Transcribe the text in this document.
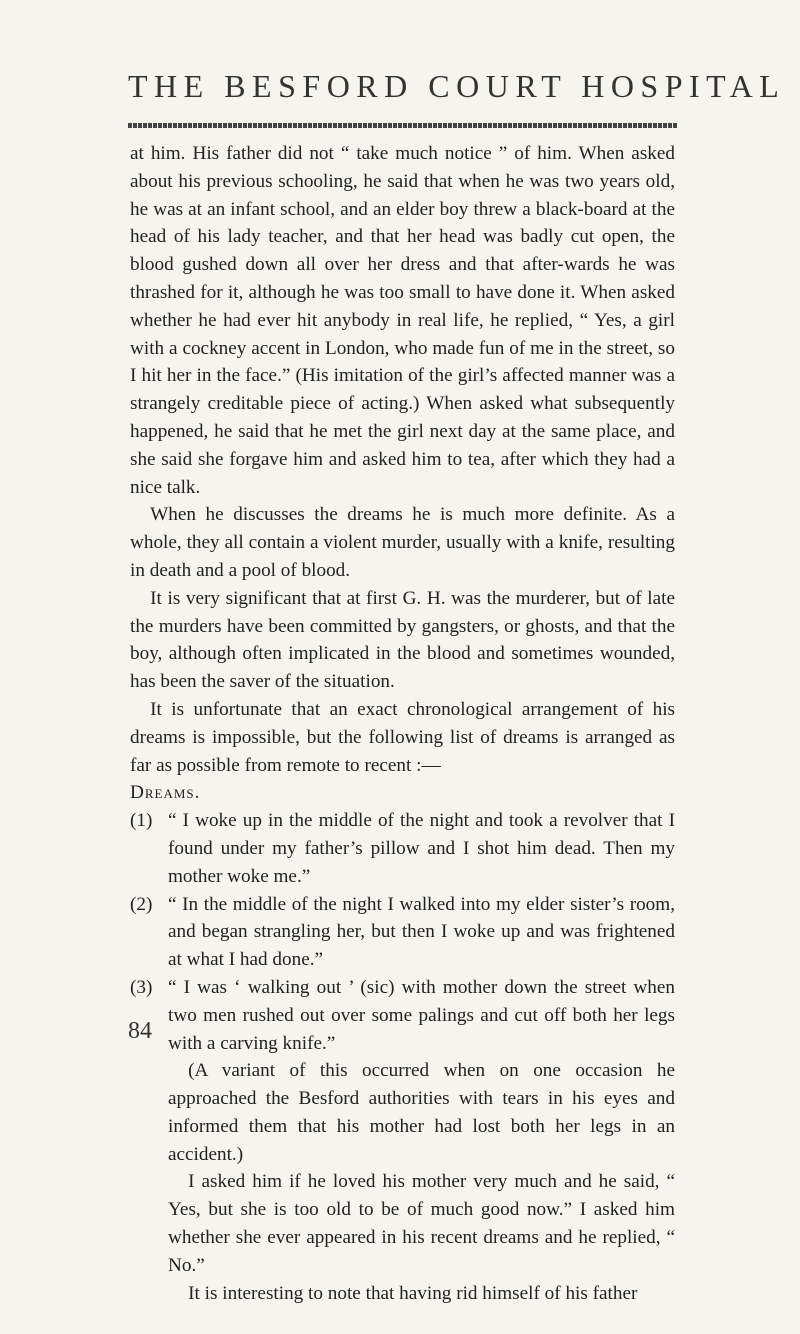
THE BESFORD COURT HOSPITAL

at him. His father did not “ take much notice ” of him. When asked about his previous schooling, he said that when he was two years old, he was at an infant school, and an elder boy threw a black-board at the head of his lady teacher, and that her head was badly cut open, the blood gushed down all over her dress and that after-wards he was thrashed for it, although he was too small to have done it. When asked whether he had ever hit anybody in real life, he replied, “ Yes, a girl with a cockney accent in London, who made fun of me in the street, so I hit her in the face.” (His imitation of the girl’s affected manner was a strangely creditable piece of acting.) When asked what subsequently happened, he said that he met the girl next day at the same place, and she said she forgave him and asked him to tea, after which they had a nice talk.

When he discusses the dreams he is much more definite. As a whole, they all contain a violent murder, usually with a knife, resulting in death and a pool of blood.

It is very significant that at first G. H. was the murderer, but of late the murders have been committed by gangsters, or ghosts, and that the boy, although often implicated in the blood and sometimes wounded, has been the saver of the situation.

It is unfortunate that an exact chronological arrangement of his dreams is impossible, but the following list of dreams is arranged as far as possible from remote to recent :—

Dreams.

(1) “ I woke up in the middle of the night and took a revolver that I found under my father’s pillow and I shot him dead. Then my mother woke me.”

(2) “ In the middle of the night I walked into my elder sister’s room, and began strangling her, but then I woke up and was frightened at what I had done.”

(3) “ I was ‘ walking out ’ (sic) with mother down the street when two men rushed out over some palings and cut off both her legs with a carving knife.”

(A variant of this occurred when on one occasion he approached the Besford authorities with tears in his eyes and informed them that his mother had lost both her legs in an accident.)

I asked him if he loved his mother very much and he said, “ Yes, but she is too old to be of much good now.” I asked him whether she ever appeared in his recent dreams and he replied, “ No.”

It is interesting to note that having rid himself of his father

84
